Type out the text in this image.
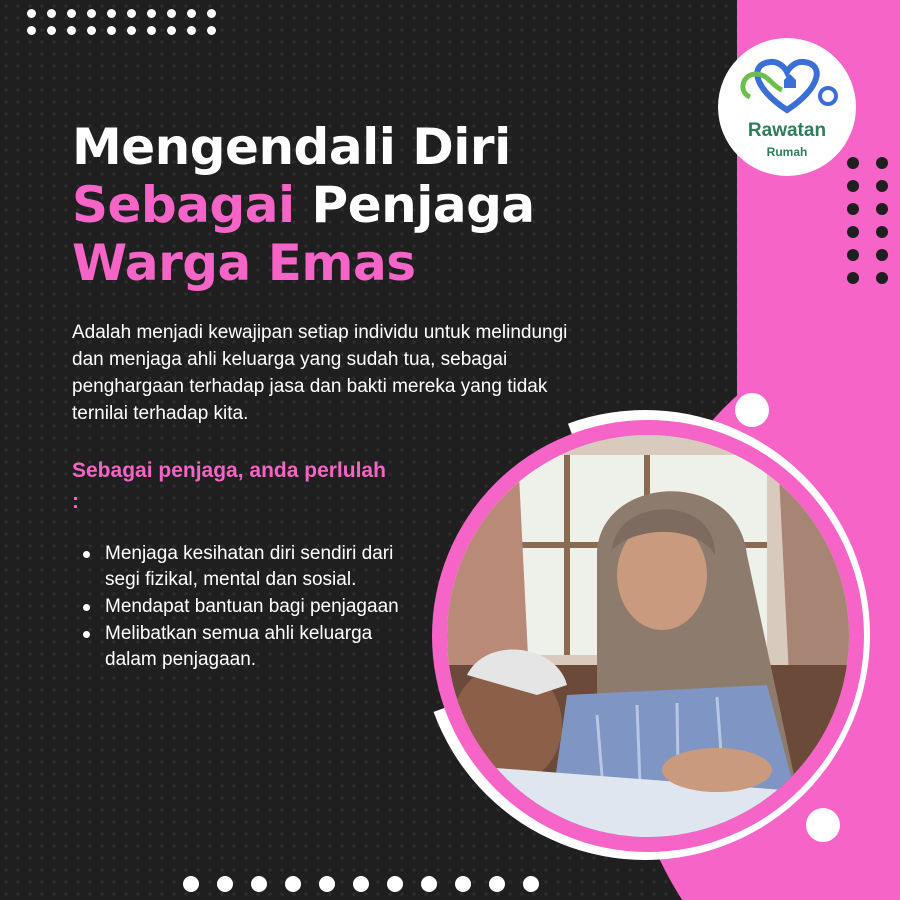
Rawatan
Rumah
Mengendali Diri
Sebagai Penjaga
Warga Emas

Adalah menjadi kewajipan setiap individu untuk melindungi dan menjaga ahli keluarga yang sudah tua, sebagai penghargaan terhadap jasa dan bakti mereka yang tidak ternilai terhadap kita.

Sebagai penjaga, anda perlulah :

Menjaga kesihatan diri sendiri dari segi fizikal, mental dan sosial.
Mendapat bantuan bagi penjagaan
Melibatkan semua ahli keluarga dalam penjagaan.
